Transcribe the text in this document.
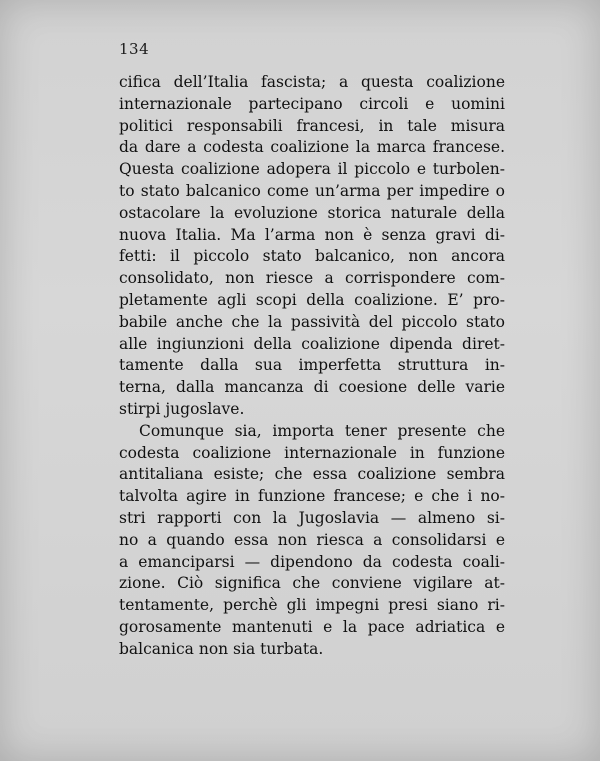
134
cifica dell’Italia fascista; a questa coalizione
internazionale partecipano circoli e uomini
politici responsabili francesi, in tale misura
da dare a codesta coalizione la marca francese.
Questa coalizione adopera il piccolo e turbolen-
to stato balcanico come un’arma per impedire o
ostacolare la evoluzione storica naturale della
nuova Italia. Ma l’arma non è senza gravi di-
fetti: il piccolo stato balcanico, non ancora
consolidato, non riesce a corrispondere com-
pletamente agli scopi della coalizione. E’ pro-
babile anche che la passività del piccolo stato
alle ingiunzioni della coalizione dipenda diret-
tamente dalla sua imperfetta struttura in-
terna, dalla mancanza di coesione delle varie
stirpi jugoslave.
Comunque sia, importa tener presente che
codesta coalizione internazionale in funzione
antitaliana esiste; che essa coalizione sembra
talvolta agire in funzione francese; e che i no-
stri rapporti con la Jugoslavia — almeno si-
no a quando essa non riesca a consolidarsi e
a emanciparsi — dipendono da codesta coali-
zione. Ciò significa che conviene vigilare at-
tentamente, perchè gli impegni presi siano ri-
gorosamente mantenuti e la pace adriatica e
balcanica non sia turbata.
